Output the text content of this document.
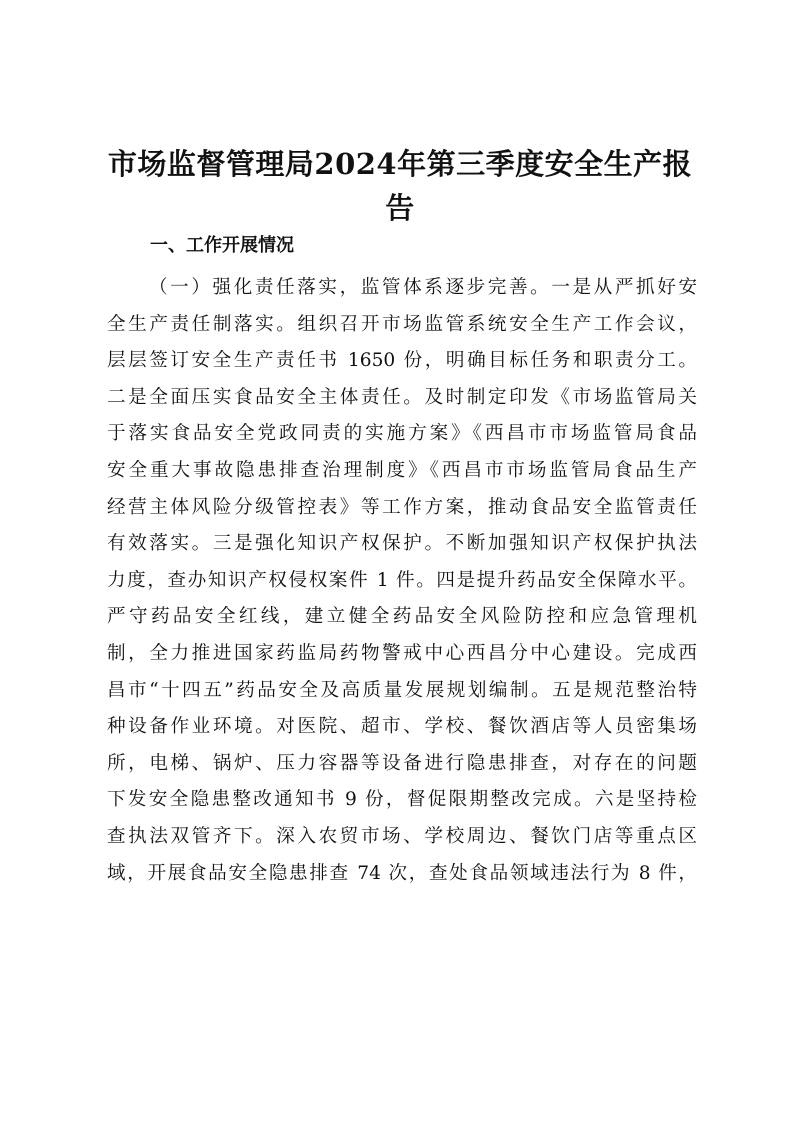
市场监督管理局2024年第三季度安全生产报
告
一、工作开展情况
（一）强化责任落实，监管体系逐步完善。一是从严抓好安
全生产责任制落实。组织召开市场监管系统安全生产工作会议，
层层签订安全生产责任书 1650 份，明确目标任务和职责分工。
二是全面压实食品安全主体责任。及时制定印发《市场监管局关
于落实食品安全党政同责的实施方案》《西昌市市场监管局食品
安全重大事故隐患排查治理制度》《西昌市市场监管局食品生产
经营主体风险分级管控表》等工作方案，推动食品安全监管责任
有效落实。三是强化知识产权保护。不断加强知识产权保护执法
力度，查办知识产权侵权案件 1 件。四是提升药品安全保障水平。
严守药品安全红线，建立健全药品安全风险防控和应急管理机
制，全力推进国家药监局药物警戒中心西昌分中心建设。完成西
昌市“十四五”药品安全及高质量发展规划编制。五是规范整治特
种设备作业环境。对医院、超市、学校、餐饮酒店等人员密集场
所，电梯、锅炉、压力容器等设备进行隐患排查，对存在的问题
下发安全隐患整改通知书 9 份，督促限期整改完成。六是坚持检
查执法双管齐下。深入农贸市场、学校周边、餐饮门店等重点区
域，开展食品安全隐患排查 74 次，查处食品领域违法行为 8 件，
